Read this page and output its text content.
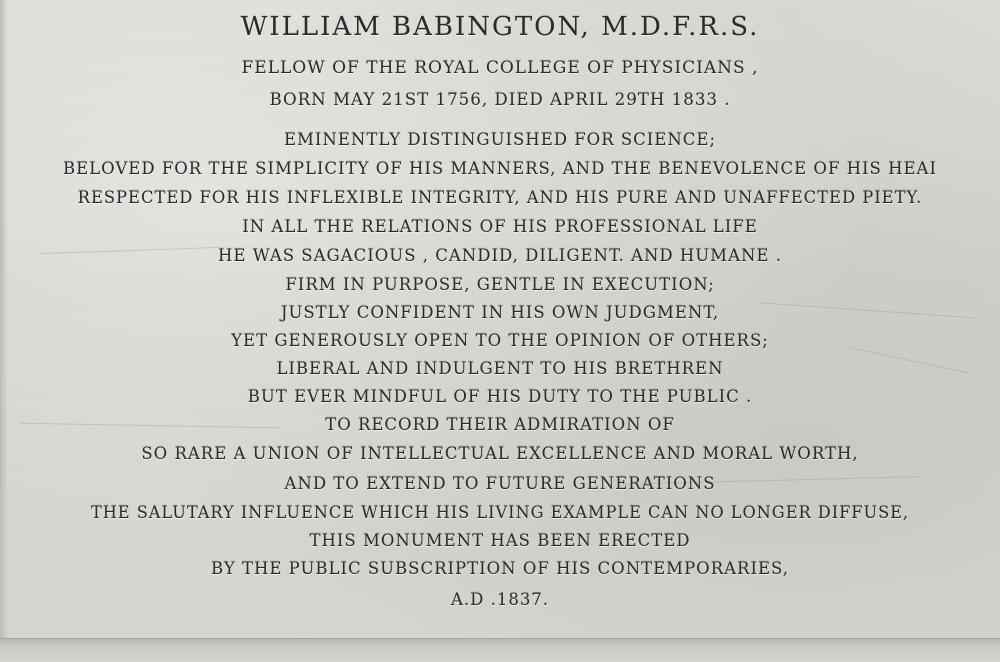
WILLIAM BABINGTON, M.D.F.R.S.
FELLOW OF THE ROYAL COLLEGE OF PHYSICIANS ,
BORN MAY 21ST 1756, DIED APRIL 29TH 1833 .
EMINENTLY DISTINGUISHED FOR SCIENCE;
BELOVED FOR THE SIMPLICITY OF HIS MANNERS, AND THE BENEVOLENCE OF HIS HEAI
RESPECTED FOR HIS INFLEXIBLE INTEGRITY, AND HIS PURE AND UNAFFECTED PIETY.
IN ALL THE RELATIONS OF HIS PROFESSIONAL LIFE
HE WAS SAGACIOUS , CANDID, DILIGENT. AND HUMANE .
FIRM IN PURPOSE, GENTLE IN EXECUTION;
JUSTLY CONFIDENT IN HIS OWN JUDGMENT,
YET GENEROUSLY OPEN TO THE OPINION OF OTHERS;
LIBERAL AND INDULGENT TO HIS BRETHREN
BUT EVER MINDFUL OF HIS DUTY TO THE PUBLIC .
TO RECORD THEIR ADMIRATION OF
SO RARE A UNION OF INTELLECTUAL EXCELLENCE AND MORAL WORTH,
AND TO EXTEND TO FUTURE GENERATIONS
THE SALUTARY INFLUENCE WHICH HIS LIVING EXAMPLE CAN NO LONGER DIFFUSE,
THIS MONUMENT HAS BEEN ERECTED
BY THE PUBLIC SUBSCRIPTION OF HIS CONTEMPORARIES,
A.D .1837.
